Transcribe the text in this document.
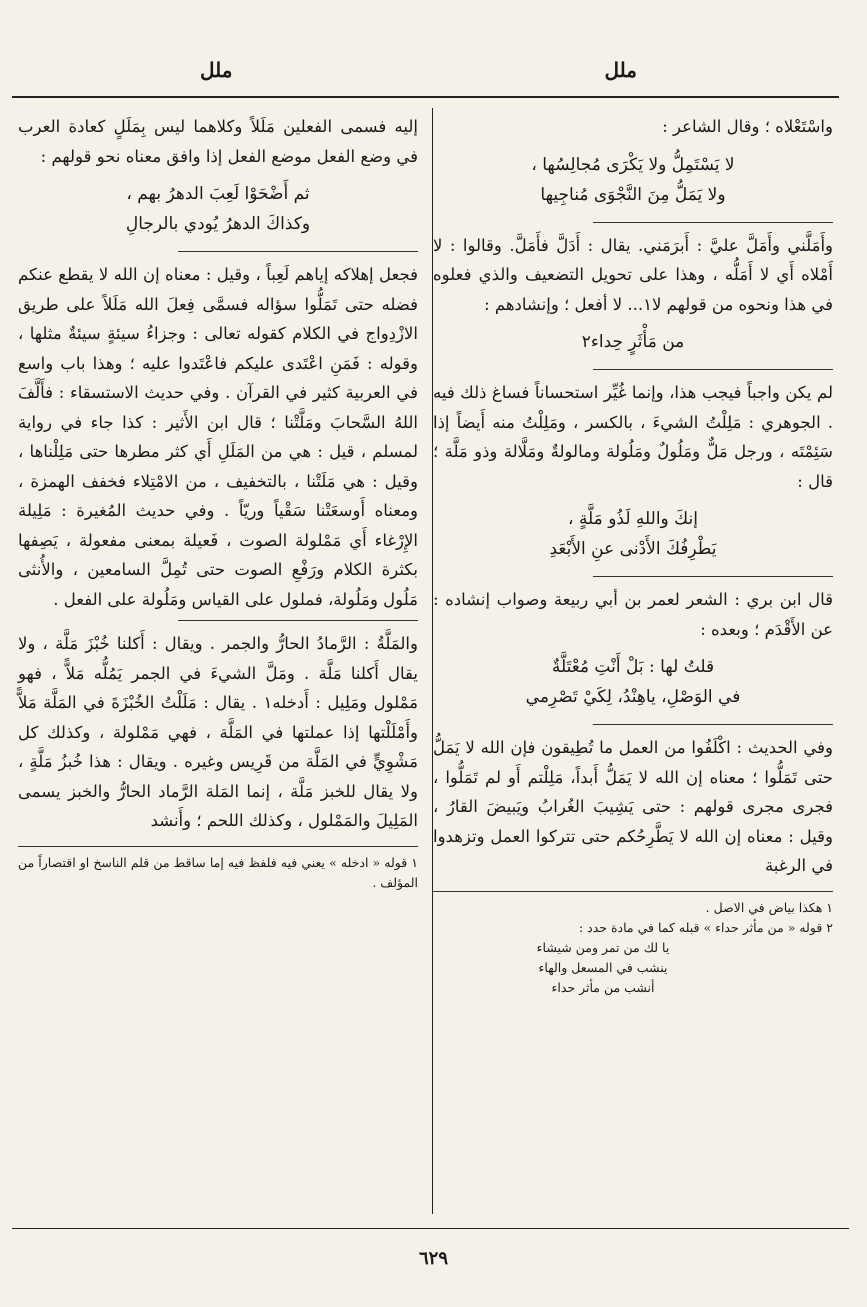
ملل
ملل

واسْتَعْلاه ؛ وقال الشاعر :

لا يَسْتَمِلُّ ولا يَكْرَى مُجالِسُها ،
ولا يَمَلُّ مِنَ النَّجْوَى مُناجِيها

وأَمَلَّني وأَمَلَّ عليَّ : أَبرَمَني. يقال : أَدَلَّ فأَمَلَّ. وقالوا : لا أَمْلاه أَي لا أَمَلُّه ، وهذا على تحويل التضعيف والذي فعلوه في هذا ونحوه من قولهم لا١... لا أفعل ؛ وإنشادهم :

من مَأْثَرٍ حِداء٢

لم يكن واجباً فيجب هذا، وإنما غُيِّر استحساناً فساغ ذلك فيه . الجوهري : مَلِلْتُ الشيءَ ، بالكسر ، ومَلِلْتُ منه أَيضاً إذا سَئِمْتَه ، ورجل مَلٌّ ومَلُولٌ ومَلُولة ومالولةٌ ومَلَّالة وذو مَلَّة ؛ قال :

إنكَ واللهِ لَذُو مَلَّةٍ ،
يَطْرِفُكَ الأَدْنى عنِ الأَبْعَدِ

قال ابن بري : الشعر لعمر بن أبي ربيعة وصواب إنشاده : عن الأَقْدَم ؛ وبعده :

قلتُ لها : بَلْ أَنْتِ مُعْتَلَّةٌ
في الوَصْلِ، ياهِنْدُ، لِكَيْ تَصْرِمي

وفي الحديث : اكْلَفُوا من العمل ما تُطِيقون فإن الله لا يَمَلُّ حتى تَمَلُّوا ؛ معناه إن الله لا يَمَلُّ أَبداً، مَلِلْتم أَو لم تَمَلُّوا ، فجرى مجرى قولهم : حتى يَشِيبَ الغُرابُ ويَبيضَ القارُ ، وقيل : معناه إن الله لا يَطَّرِحُكم حتى تتركوا العمل وتزهدوا في الرغبة

١ هكذا بياض في الاصل .

٢ قوله « من مأثر حداء » قبله كما في مادة حدد :

يا لك من تمر ومن شيشاء

ينشب في المسعل والهاء

أنشب من مأثر حداء

إليه فسمى الفعلين مَلَلاً وكلاهما ليس بِمَلَلٍ كعادة العرب في وضع الفعل موضع الفعل إذا وافق معناه نحو قولهم :

ثم أَضْحَوْا لَعِبَ الدهرُ بهم ،
وكذاكَ الدهرُ يُودي بالرجالِ

فجعل إهلاكه إياهم لَعِباً ، وقيل : معناه إن الله لا يقطع عنكم فضله حتى تَمَلُّوا سؤاله فسمَّى فِعلَ الله مَلَلاً على طريق الازْدِواج في الكلام كقوله تعالى : وجزاءُ سيئةٍ سيئةٌ مثلها ، وقوله : فَمَنِ اعْتَدى عليكم فاعْتَدوا عليه ؛ وهذا باب واسع في العربية كثير في القرآن . وفي حديث الاستسقاء : فأَلَّفَ اللهُ السَّحابَ ومَلَّتْنا ؛ قال ابن الأَثير : كذا جاء في رواية لمسلم ، قيل : هي من المَلَلِ أَي كثر مطرها حتى مَلِلْناها ، وقيل : هي مَلَتْنا ، بالتخفيف ، من الامْتِلاء فخفف الهمزة ، ومعناه أَوسعَتْنا سَقْياً وريّاً . وفي حديث المُغيرة : مَلِيلة الإِرْغاء أَي مَمْلولة الصوت ، فَعيلة بمعنى مفعولة ، يَصِفها بكثرة الكلام ورَفْعِ الصوت حتى تُمِلَّ السامعين ، والأُنثى مَلُول ومَلُولة، فملول على القياس ومَلُولة على الفعل .

والمَلَّةُ : الرَّمادُ الحارُّ والجمر . ويقال : أَكلنا خُبْزَ مَلَّة ، ولا يقال أَكلنا مَلَّة . ومَلَّ الشيءَ في الجمر يَمُلُّه مَلاًّ ، فهو مَمْلول ومَلِيل : أَدخله١ . يقال : مَلَلْتُ الخُبْزَةَ في المَلَّة مَلاًّ وأَمْلَلْتها إذا عملتها في المَلَّة ، فهي مَمْلولة ، وكذلك كل مَشْوِيٍّ في المَلَّة من قَرِيس وغيره . ويقال : هذا خُبزُ مَلَّةٍ ، ولا يقال للخبز مَلَّة ، إنما المَلة الرَّماد الحارُّ والخبز يسمى المَلِيلَ والمَمْلول ، وكذلك اللحم ؛ وأَنشد

١ قوله « ادخله » يعني فيه فلفظ فيه إما ساقط من قلم الناسخ او اقتصاراً من المؤلف .

٦٢٩
